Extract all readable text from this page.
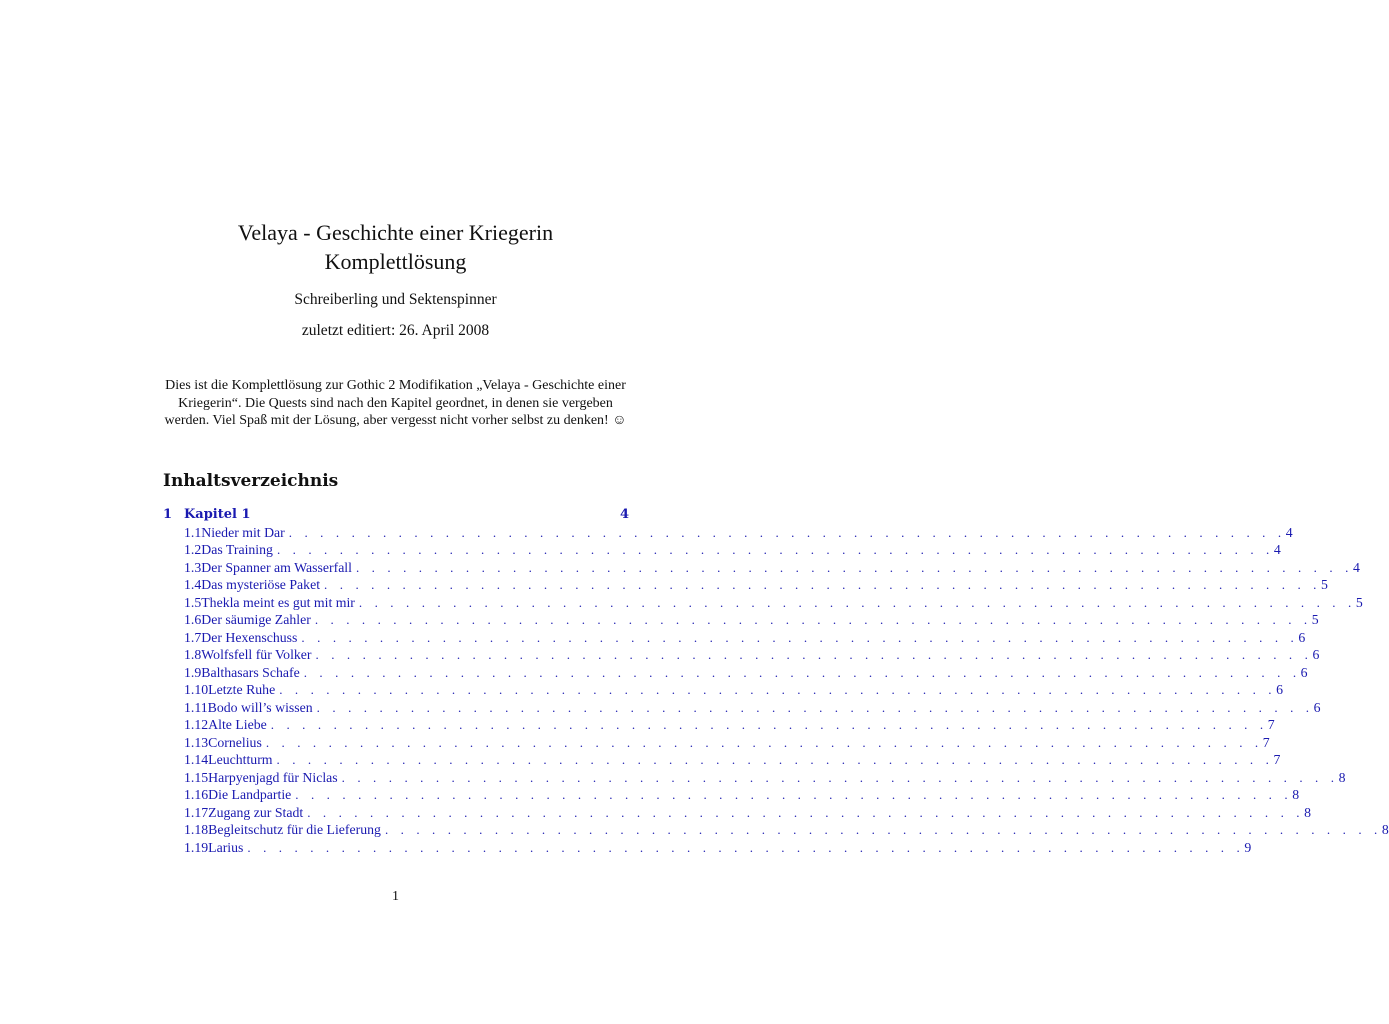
Velaya - Geschichte einer Kriegerin
Komplettlösung
Schreiberling und Sektenspinner
zuletzt editiert: 26. April 2008
Dies ist die Komplettlösung zur Gothic 2 Modifikation „Velaya - Geschichte einer Kriegerin“. Die Quests sind nach den Kapitel geordnet, in denen sie vergeben werden. Viel Spaß mit der Lösung, aber vergesst nicht vorher selbst zu denken! ☺
Inhaltsverzeichnis
1 Kapitel 1	4
1.1 Nieder mit Dar . . . . . . . . . . . . . . . . . . . . . . . . . . . . . . . . . . . . . . . . . . . . . . . . . . . . . . . . . . . . . . . . 4
1.2 Das Training . . . . . . . . . . . . . . . . . . . . . . . . . . . . . . . . . . . . . . . . . . . . . . . . . . . . . . . . . . . . . . . . 4
1.3 Der Spanner am Wasserfall . . . . . . . . . . . . . . . . . . . . . . . . . . . . . . . . . . . . . . . . . . . . . . . . . . . . . . . . . . . . . . . . 4
1.4 Das mysteriöse Paket . . . . . . . . . . . . . . . . . . . . . . . . . . . . . . . . . . . . . . . . . . . . . . . . . . . . . . . . . . . . . . . . 5
1.5 Thekla meint es gut mit mir . . . . . . . . . . . . . . . . . . . . . . . . . . . . . . . . . . . . . . . . . . . . . . . . . . . . . . . . . . . . . . . . 5
1.6 Der säumige Zahler . . . . . . . . . . . . . . . . . . . . . . . . . . . . . . . . . . . . . . . . . . . . . . . . . . . . . . . . . . . . . . . . 5
1.7 Der Hexenschuss . . . . . . . . . . . . . . . . . . . . . . . . . . . . . . . . . . . . . . . . . . . . . . . . . . . . . . . . . . . . . . . . 6
1.8 Wolfsfell für Volker . . . . . . . . . . . . . . . . . . . . . . . . . . . . . . . . . . . . . . . . . . . . . . . . . . . . . . . . . . . . . . . . 6
1.9 Balthasars Schafe . . . . . . . . . . . . . . . . . . . . . . . . . . . . . . . . . . . . . . . . . . . . . . . . . . . . . . . . . . . . . . . . 6
1.10 Letzte Ruhe . . . . . . . . . . . . . . . . . . . . . . . . . . . . . . . . . . . . . . . . . . . . . . . . . . . . . . . . . . . . . . . . 6
1.11 Bodo will’s wissen . . . . . . . . . . . . . . . . . . . . . . . . . . . . . . . . . . . . . . . . . . . . . . . . . . . . . . . . . . . . . . . . 6
1.12 Alte Liebe . . . . . . . . . . . . . . . . . . . . . . . . . . . . . . . . . . . . . . . . . . . . . . . . . . . . . . . . . . . . . . . . 7
1.13 Cornelius . . . . . . . . . . . . . . . . . . . . . . . . . . . . . . . . . . . . . . . . . . . . . . . . . . . . . . . . . . . . . . . . 7
1.14 Leuchtturm . . . . . . . . . . . . . . . . . . . . . . . . . . . . . . . . . . . . . . . . . . . . . . . . . . . . . . . . . . . . . . . . 7
1.15 Harpyenjagd für Niclas . . . . . . . . . . . . . . . . . . . . . . . . . . . . . . . . . . . . . . . . . . . . . . . . . . . . . . . . . . . . . . . . 8
1.16 Die Landpartie . . . . . . . . . . . . . . . . . . . . . . . . . . . . . . . . . . . . . . . . . . . . . . . . . . . . . . . . . . . . . . . . 8
1.17 Zugang zur Stadt . . . . . . . . . . . . . . . . . . . . . . . . . . . . . . . . . . . . . . . . . . . . . . . . . . . . . . . . . . . . . . . . 8
1.18 Begleitschutz für die Lieferung . . . . . . . . . . . . . . . . . . . . . . . . . . . . . . . . . . . . . . . . . . . . . . . . . . . . . . . . . . . . . . . . 8
1.19 Larius . . . . . . . . . . . . . . . . . . . . . . . . . . . . . . . . . . . . . . . . . . . . . . . . . . . . . . . . . . . . . . . . 9
1
